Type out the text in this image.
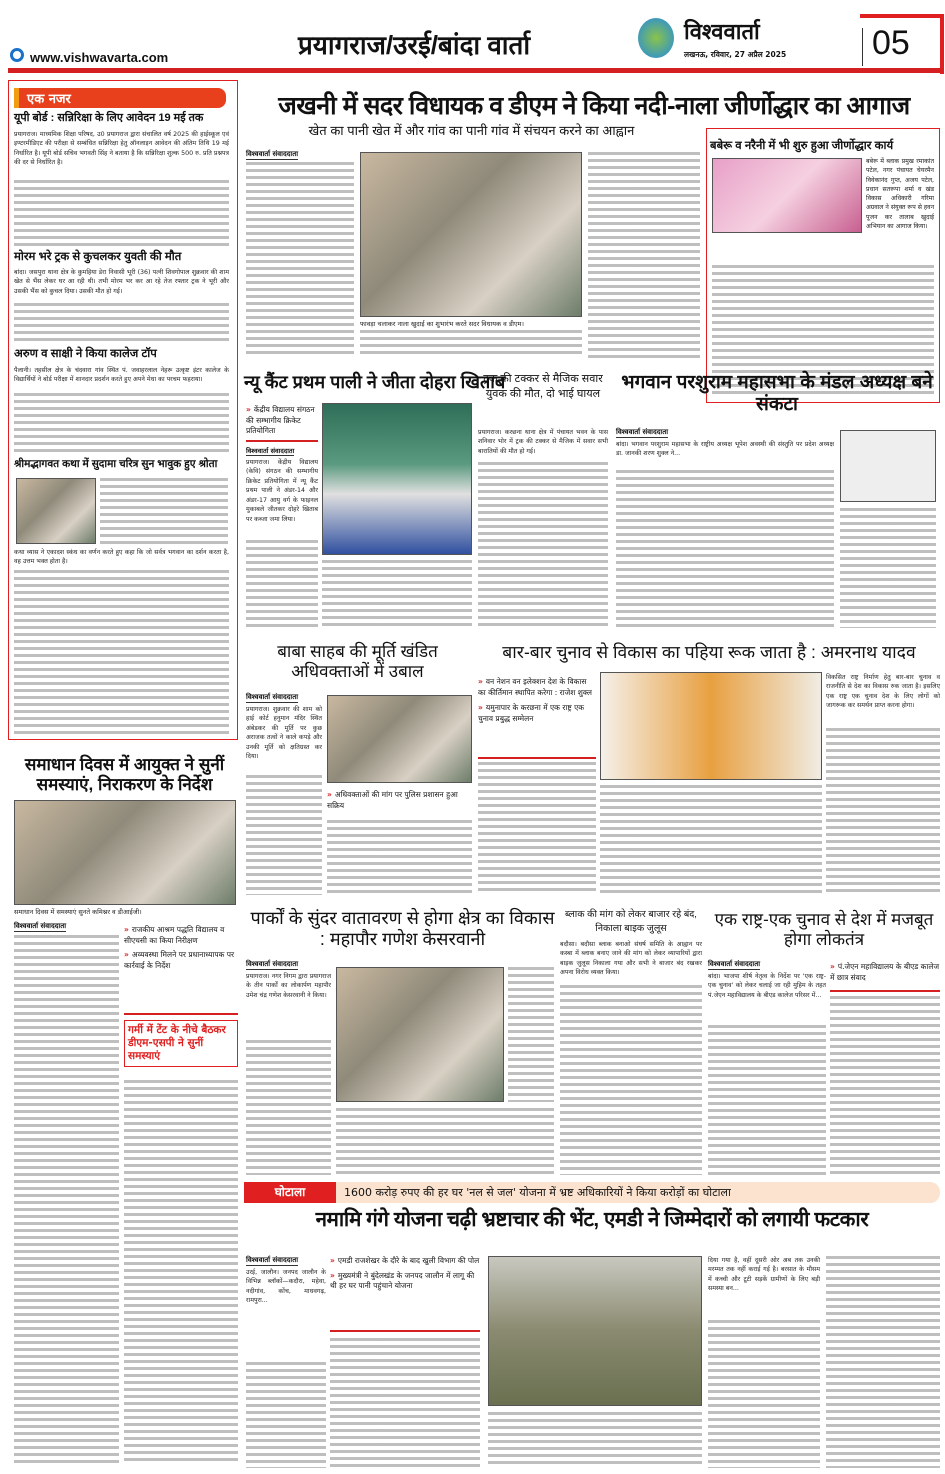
www.vishwavarta.com	प्रयागराज/उरई/बांदा वार्ता	विश्ववार्ता
लखनऊ, रविवार, 27 अप्रैल 2025	05
एक नजर
यूपी बोर्ड : सन्निरिक्षा के लिए आवेदन 19 मई तक
प्रयागराज। माध्यमिक शिक्षा परिषद, उ0 प्रयागराज द्वारा संचालित वर्ष 2025 की हाईस्कूल एवं इण्टरमीडिएट की परीक्षा से सम्बंधित सन्निरिक्षा हेतु ऑनलाइन आवेदन की अंतिम तिथि 19 मई निर्धारित है। यूपी बोर्ड सचिव भगवती सिंह ने बताया है कि सन्निरिक्षा शुल्क 500 रु. प्रति प्रश्नपत्र की दर से निर्धारित है।
मोरम भरे ट्रक से कुचलकर युवती की मौत
बांदा। जसपुरा थाना क्षेत्र के कुमहिया डेरा निवासी भूरी (36) पत्नी शिवगोपाल शुक्रवार की शाम खेत से भैंस लेकर घर आ रही थी। तभी मोरम भर कर आ रहे तेज रफ्तार ट्रक ने भूरी और उसकी भैंस को कुचल दिया। उसकी मौत हो गई।
अरुण व साक्षी ने किया कालेज टॉप
पैलानी। तहसील क्षेत्र के चंदवारा गांव स्थित पं. जवाहरलाल नेहरू उत्कृष्ट इंटर कालेज के विद्यार्थियों ने बोर्ड परीक्षा में शानदार प्रदर्शन करते हुए अपने मेधा का परचम फहराया।
श्रीमद्भागवत कथा में सुदामा चरित्र सुन भावुक हुए श्रोता
कथा व्यास ने एकादश स्कंध का वर्णन करते हुए कहा कि जो सर्वत्र भगवान का दर्शन करता है, वह उत्तम भक्त होता है।
समाधान दिवस में आयुक्त ने सुनीं समस्याएं, निराकरण के निर्देश
समाधान दिवस में समस्याएं सुनते कमिश्नर व डीआईजी।
विश्ववार्ता संवाददाता	» राजकीय आश्रम पद्धति विद्यालय व सीएचसी का किया निरीक्षण
» अव्यवस्था मिलने पर प्रधानाध्यापक पर कार्रवाई के निर्देश
गर्मी में टेंट के नीचे बैठकर डीएम-एसपी ने सुनीं समस्याएं
जखनी में सदर विधायक व डीएम ने किया नदी-नाला जीर्णोद्धार का आगाज
खेत का पानी खेत में और गांव का पानी गांव में संचयन करने का आह्वान
विश्ववार्ता संवाददाता
फावड़ा चलाकर नाला खुदाई का शुभारंभ करते सदर विधायक व डीएम।
बबेरू व नरैनी में भी शुरु हुआ जीर्णोद्धार कार्य
बबेरू में ब्लाक प्रमुख रमाकांत पटेल, नगर पंचायत चेयरमैन विवेकानंद गुप्त, अजय पटेल, प्रधान सतरूपा शर्मा व खंड विकास अधिकारी गरिमा अग्रवाल ने संयुक्त रूप से हवन पूजन कर तालाब खुदाई अभियान का आगाज किया।
न्यू कैंट प्रथम पाली ने जीता दोहरा खिताब
» केंद्रीय विद्यालय संगठन की सम्भागीय क्रिकेट प्रतियोगिता
विश्ववार्ता संवाददाता
प्रयागराज। केंद्रीय विद्यालय (केवि) संगठन की सम्भागीय क्रिकेट प्रतियोगिता में न्यू कैंट प्रथम पाली ने अंडर-14 और अंडर-17 आयु वर्ग के फाइनल मुकाबले जीतकर दोहरे खिताब पर कब्जा जमा लिया।
ट्रक की टक्कर से मैजिक सवार युवक की मौत, दो भाई घायल
प्रयागराज। करछना थाना क्षेत्र में पंचायत भवन के पास शनिवार भोर में ट्रक की टक्कर से मैजिक में सवार सभी बारातियों की मौत हो गई।
भगवान परशुराम महासभा के मंडल अध्यक्ष बने संकटा
विश्ववार्ता संवाददाता
बांदा। भगवान परशुराम महासभा के राष्ट्रीय अध्यक्ष भूपेश अवस्थी की संस्तुति पर प्रदेश अध्यक्ष डा. जानकी शरण शुक्ल ने...
बाबा साहब की मूर्ति खंडित अधिवक्ताओं में उबाल
विश्ववार्ता संवाददाता
प्रयागराज। शुक्रवार की शाम को हाई कोर्ट हनुमान मंदिर स्थित अंबेडकर की मूर्ति पर कुछ अराजक तत्वों ने काले कपड़े और उनकी मूर्ति को क्षतिग्रस्त कर दिया।
» अधिवक्ताओं की मांग पर पुलिस प्रशासन हुआ सक्रिय
बार-बार चुनाव से विकास का पहिया रूक जाता है : अमरनाथ यादव
» वन नेशन वन इलेक्शन देश के विकास का कीर्तिमान स्थापित करेगा : राजेश शुक्ल
» यमुनापार के करछना में एक राष्ट्र एक चुनाव प्रबुद्ध सम्मेलन
विकसित राष्ट्र निर्माण हेतु बार-बार चुनाव व राजनीति से देश का विकास रुक जाता है। इसलिए एक राष्ट्र एक चुनाव देश के लिए लोगों को जागरूक कर समर्थन प्राप्त करना होगा।
पार्कों के सुंदर वातावरण से होगा क्षेत्र का विकास : महापौर गणेश केसरवानी
विश्ववार्ता संवाददाता
प्रयागराज। नगर निगम द्वारा प्रयागराज के तीन पार्कों का लोकार्पण महापौर उमेश चंद्र गणेश केसरवानी ने किया।
ब्लाक की मांग को लेकर बाजार रहे बंद, निकाला बाइक जुलूस
बदौसा। बदौसा ब्लाक बनाओ संघर्ष समिति के आह्वान पर कस्बा में ब्लाक बनाए जाने की मांग को लेकर व्यापारियों द्वारा बाइक जुलूस निकाला गया और सभी ने बाजार बंद रखकर अपना विरोध व्यक्त किया।
एक राष्ट्र-एक चुनाव से देश में मजबूत होगा लोकतंत्र
विश्ववार्ता संवाददाता
बांदा। भाजपा शीर्ष नेतृत्व के निर्देश पर 'एक राष्ट्र-एक चुनाव' को लेकर चलाई जा रही मुहिम के तहत पं.जेएन महाविद्यालय के बीएड कालेज परिसर में...
» पं.जेएन महाविद्यालय के बीएड कालेज में छात्र संवाद
घोटाला	1600 करोड़ रुपए की हर घर 'नल से जल' योजना में भ्रष्ट अधिकारियों ने किया करोड़ों का घोटाला
नमामि गंगे योजना चढ़ी भ्रष्टाचार की भेंट, एमडी ने जिम्मेदारों को लगायी फटकार
विश्ववार्ता संवाददाता
उरई, जालौन। जनपद जालौन के विभिन्न ब्लॉकों—कदौरा, महेवा, नदीगांव, कोंच, माधवगढ़, रामपुरा...
» एमडी राजशेखर के दौरे के बाद खुली विभाग की पोल
» मुख्यमंत्री ने बुंदेलखंड के जनपद जालौन में लागू की थी हर घर पानी पहुंचाने योजना
दिया गया है, वहीं दूसरी ओर अब तक उनकी मरम्मत तक नहीं कराई गई है। बरसात के मौसम में कच्ची और टूटी सड़कें ग्रामीणों के लिए बड़ी समस्या बन...
